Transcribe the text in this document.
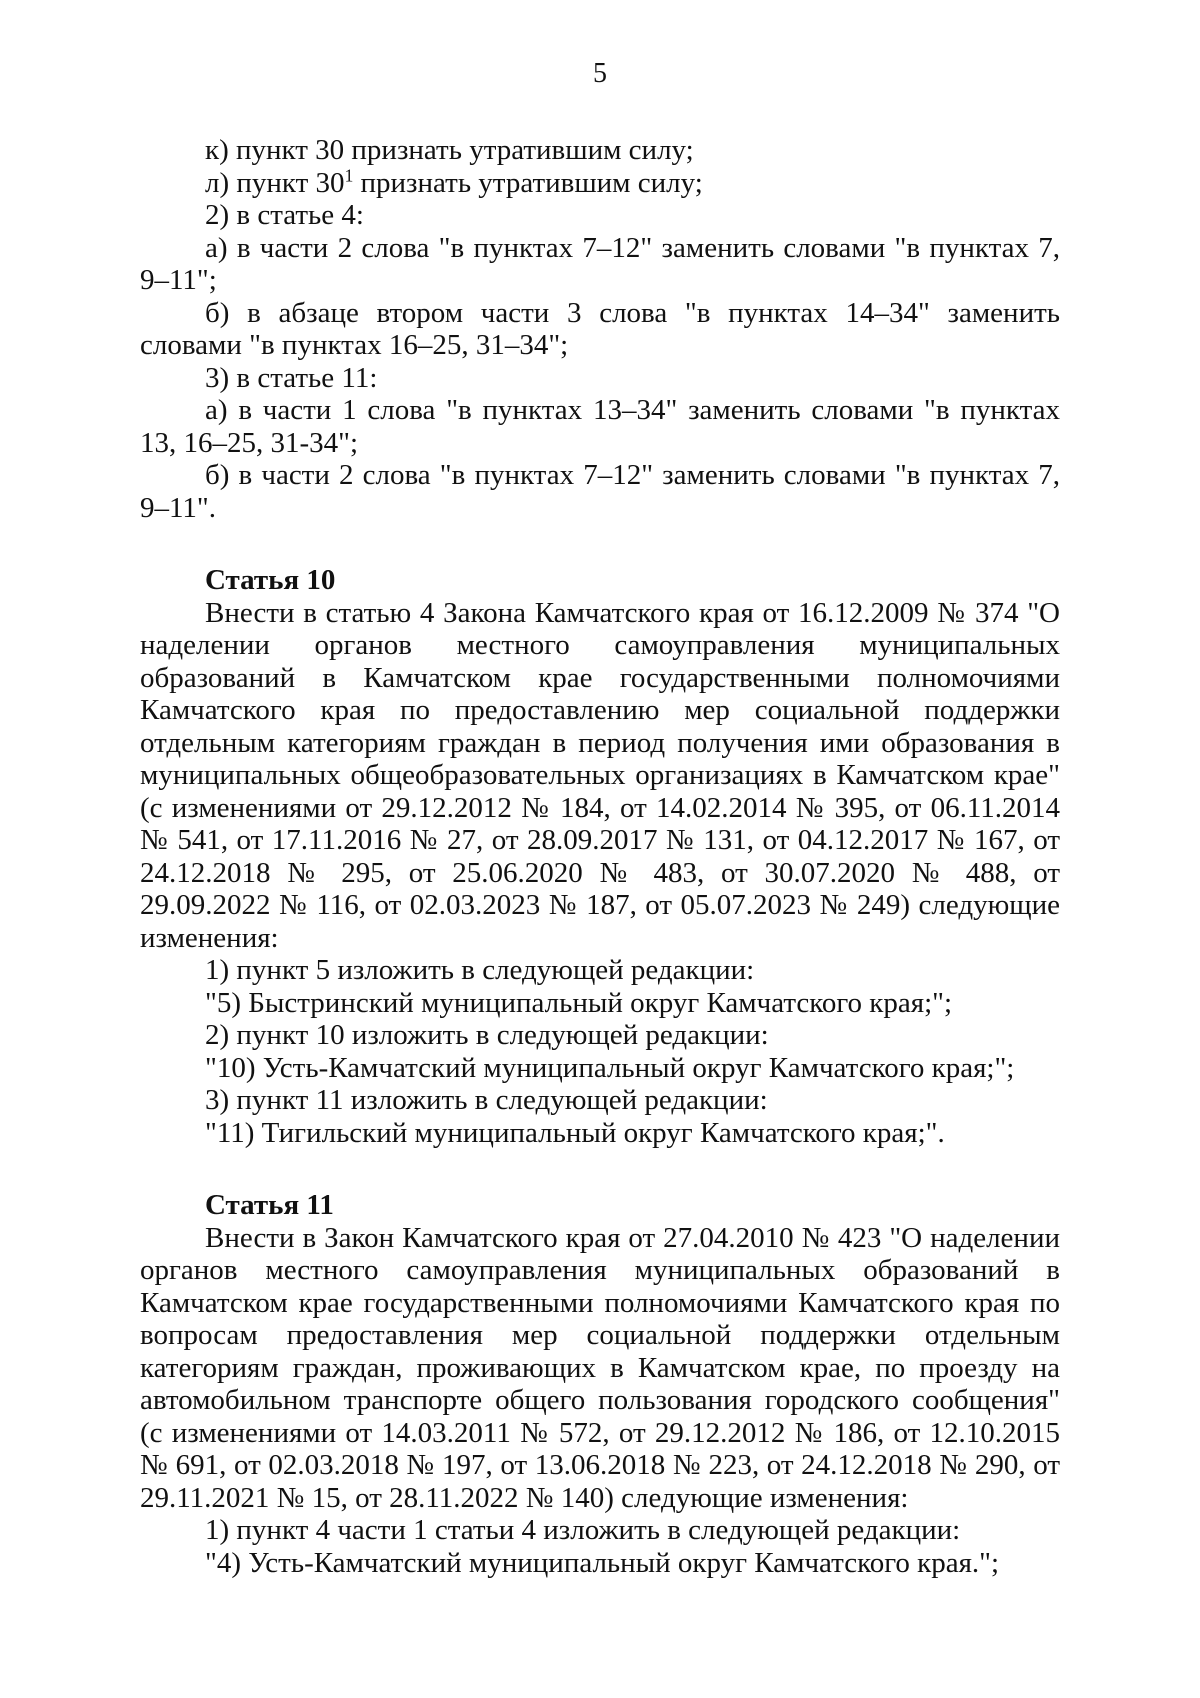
5

к) пункт 30 признать утратившим силу;

л) пункт $30^1$ признать утратившим силу;

2) в статье 4:

а) в части 2 слова "в пунктах 7–12" заменить словами "в пунктах 7, 9–11";

б) в абзаце втором части 3 слова "в пунктах 14–34" заменить словами "в пунктах 16–25, 31–34";

3) в статье 11:

а) в части 1 слова "в пунктах 13–34" заменить словами "в пунктах 13, 16–25, 31-34";

б) в части 2 слова "в пунктах 7–12" заменить словами "в пунктах 7, 9–11".

Статья 10

Внести в статью 4 Закона Камчатского края от 16.12.2009 № 374 "О наделении органов местного самоуправления муниципальных образований в Камчатском крае государственными полномочиями Камчатского края по предоставлению мер социальной поддержки отдельным категориям граждан в период получения ими образования в муниципальных общеобразовательных организациях в Камчатском крае" (с изменениями от 29.12.2012 № 184, от 14.02.2014 № 395, от 06.11.2014 № 541, от 17.11.2016 № 27, от 28.09.2017 № 131, от 04.12.2017 № 167, от 24.12.2018 № 295, от 25.06.2020 № 483, от 30.07.2020 № 488, от 29.09.2022 № 116, от 02.03.2023 № 187, от 05.07.2023 № 249) следующие изменения:

1) пункт 5 изложить в следующей редакции:

"5) Быстринский муниципальный округ Камчатского края;";

2) пункт 10 изложить в следующей редакции:

"10) Усть-Камчатский муниципальный округ Камчатского края;";

3) пункт 11 изложить в следующей редакции:

"11) Тигильский муниципальный округ Камчатского края;".

Статья 11

Внести в Закон Камчатского края от 27.04.2010 № 423 "О наделении органов местного самоуправления муниципальных образований в Камчатском крае государственными полномочиями Камчатского края по вопросам предоставления мер социальной поддержки отдельным категориям граждан, проживающих в Камчатском крае, по проезду на автомобильном транспорте общего пользования городского сообщения" (с изменениями от 14.03.2011 № 572, от 29.12.2012 № 186, от 12.10.2015 № 691, от 02.03.2018 № 197, от 13.06.2018 № 223, от 24.12.2018 № 290, от 29.11.2021 № 15, от 28.11.2022 № 140) следующие изменения:

1) пункт 4 части 1 статьи 4 изложить в следующей редакции:

"4) Усть-Камчатский муниципальный округ Камчатского края.";
